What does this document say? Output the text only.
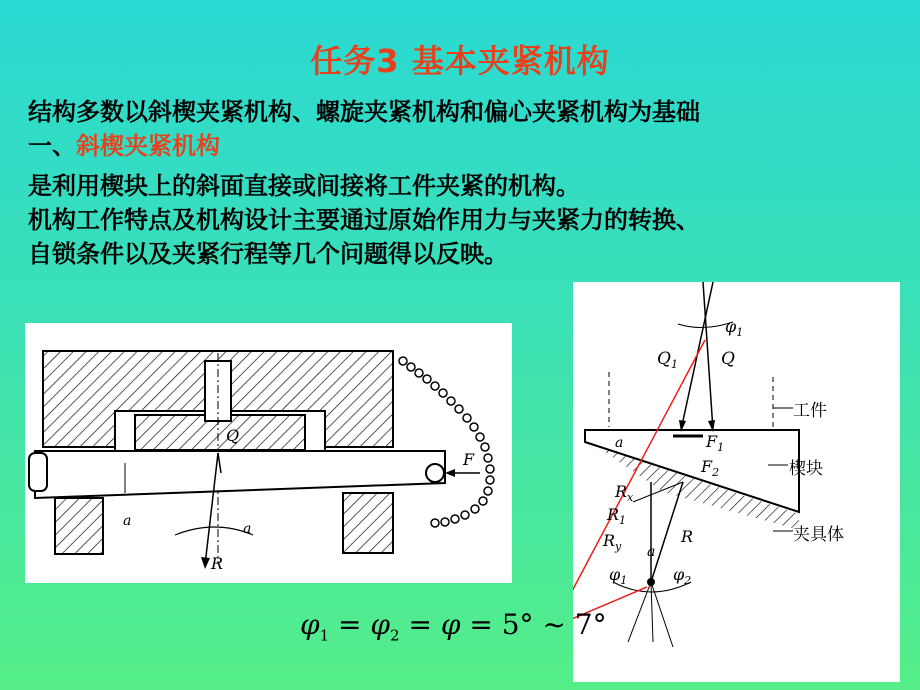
任务3 基本夹紧机构
结构多数以斜楔夹紧机构、螺旋夹紧机构和偏心夹紧机构为基础
一、斜楔夹紧机构
是利用楔块上的斜面直接或间接将工件夹紧的机构。
机构工作特点及机构设计主要通过原始作用力与夹紧力的转换、
自锁条件以及夹紧行程等几个问题得以反映。
Q
F
R
a	a
$\varphi_1$
$Q_1$	Q
工件
楔块
夹具体
a	$F_1$
$F_2$
$R_x$
$R_1$
$R_y$ a
R
$\varphi_1$	$\varphi_2$
$\varphi_1 = \varphi_2 = \varphi = 5^\circ$ ~ 7°
